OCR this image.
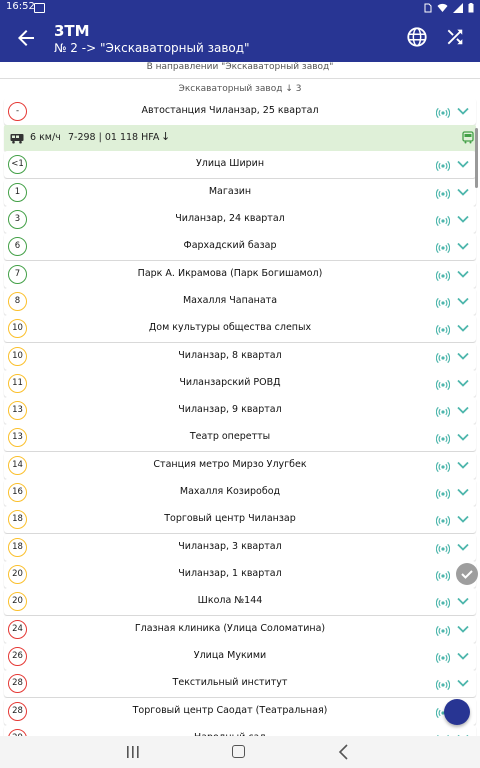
16:52
3TM
№ 2 -> "Экскаваторный завод"
В направлении "Экскаваторный завод"
Экскаваторный завод ↓ 3
-	Автостанция Чиланзар, 25 квартал
6 км/ч 7-298 | 01 118 HFA ↓
<1	Улица Ширин
1	Магазин
3	Чиланзар, 24 квартал
6	Фархадский базар
7	Парк А. Икрамова (Парк Богишамол)
8	Махалля Чапаната
10	Дом культуры общества слепых
10	Чиланзар, 8 квартал
11	Чиланзарский РОВД
13	Чиланзар, 9 квартал
13	Театр оперетты
14	Станция метро Мирзо Улугбек
16	Махалля Козиробод
18	Торговый центр Чиланзар
18	Чиланзар, 3 квартал
20	Чиланзар, 1 квартал
20	Школа №144
24	Глазная клиника (Улица Соломатина)
26	Улица Мукими
28	Текстильный институт
28	Торговый центр Саодат (Театральная)
